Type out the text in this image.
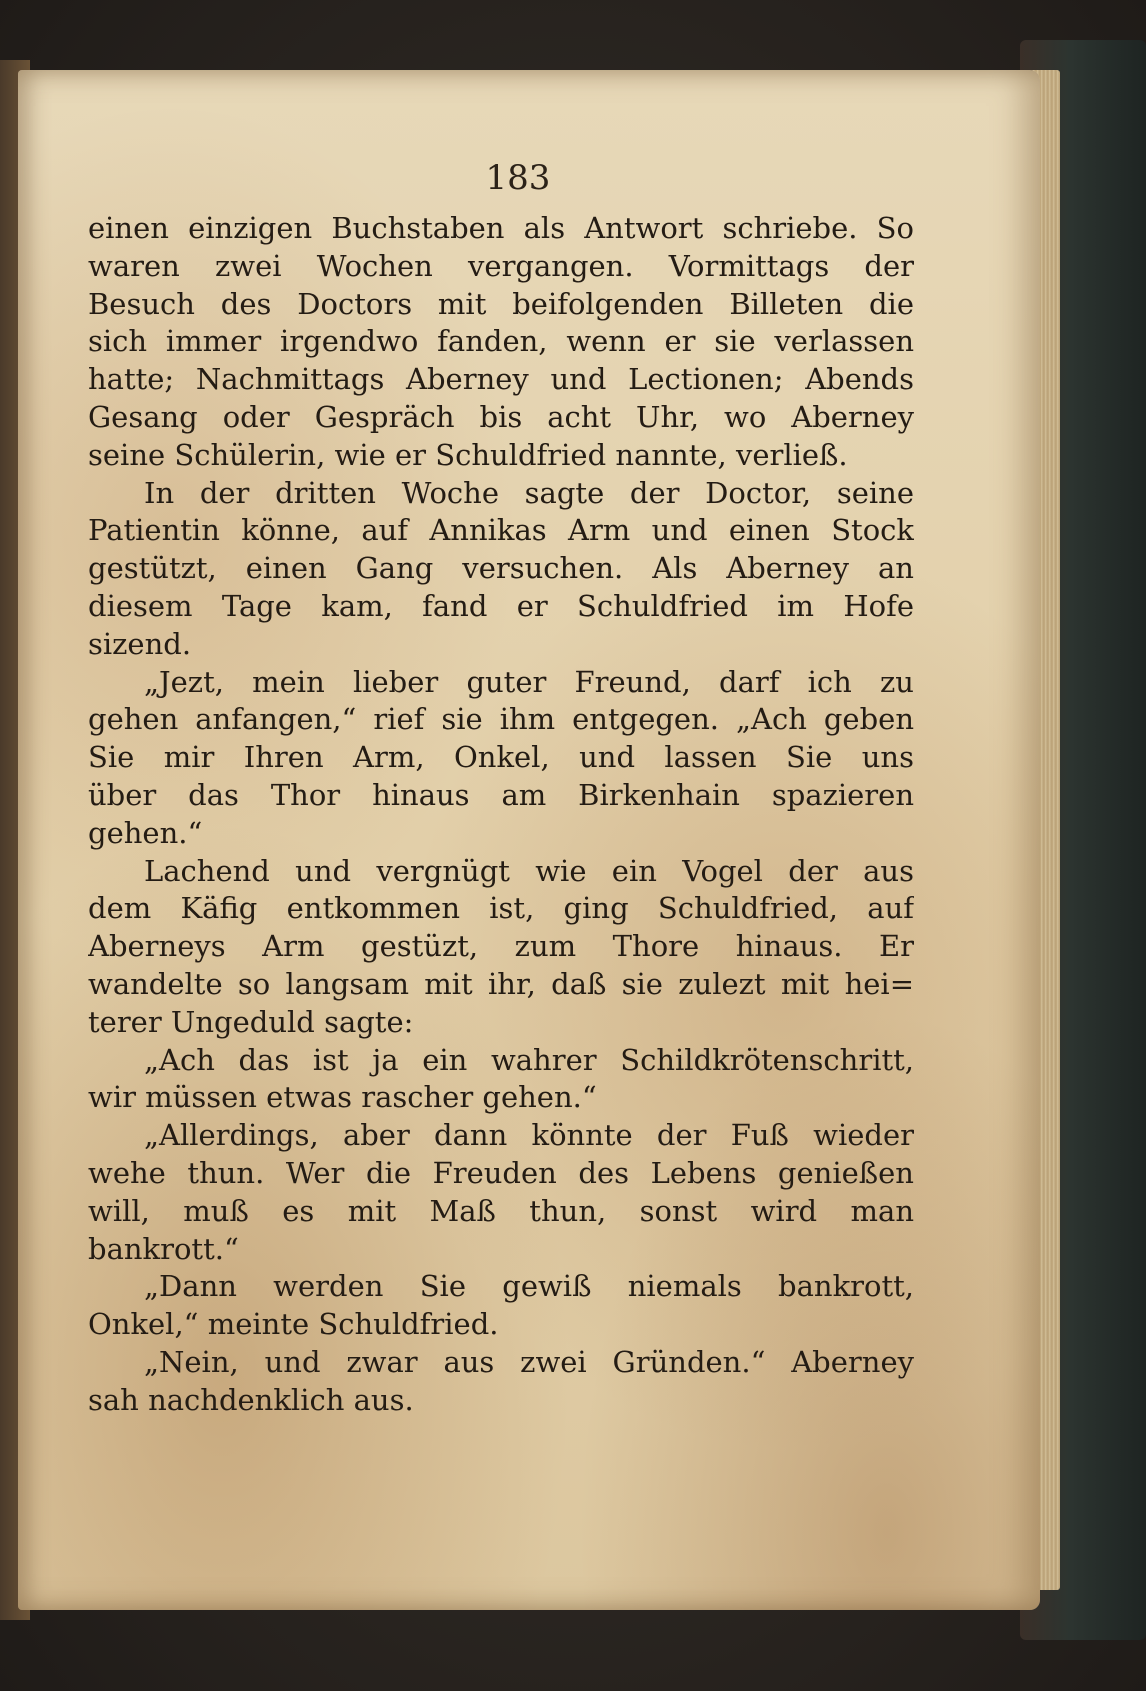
183
einen einzigen Buchstaben als Antwort schriebe. So
waren zwei Wochen vergangen. Vormittags der
Besuch des Doctors mit beifolgenden Billeten die
sich immer irgendwo fanden, wenn er sie verlassen
hatte; Nachmittags Aberney und Lectionen; Abends
Gesang oder Gespräch bis acht Uhr, wo Aberney
seine Schülerin, wie er Schuldfried nannte, verließ.
In der dritten Woche sagte der Doctor, seine
Patientin könne, auf Annikas Arm und einen Stock
gestützt, einen Gang versuchen. Als Aberney an
diesem Tage kam, fand er Schuldfried im Hofe
sizend.
„Jezt, mein lieber guter Freund, darf ich zu
gehen anfangen,“ rief sie ihm entgegen. „Ach geben
Sie mir Ihren Arm, Onkel, und lassen Sie uns
über das Thor hinaus am Birkenhain spazieren
gehen.“
Lachend und vergnügt wie ein Vogel der aus
dem Käfig entkommen ist, ging Schuldfried, auf
Aberneys Arm gestüzt, zum Thore hinaus. Er
wandelte so langsam mit ihr, daß sie zulezt mit hei=
terer Ungeduld sagte:
„Ach das ist ja ein wahrer Schildkrötenschritt,
wir müssen etwas rascher gehen.“
„Allerdings, aber dann könnte der Fuß wieder
wehe thun. Wer die Freuden des Lebens genießen
will, muß es mit Maß thun, sonst wird man
bankrott.“
„Dann werden Sie gewiß niemals bankrott,
Onkel,“ meinte Schuldfried.
„Nein, und zwar aus zwei Gründen.“ Aberney
sah nachdenklich aus.
